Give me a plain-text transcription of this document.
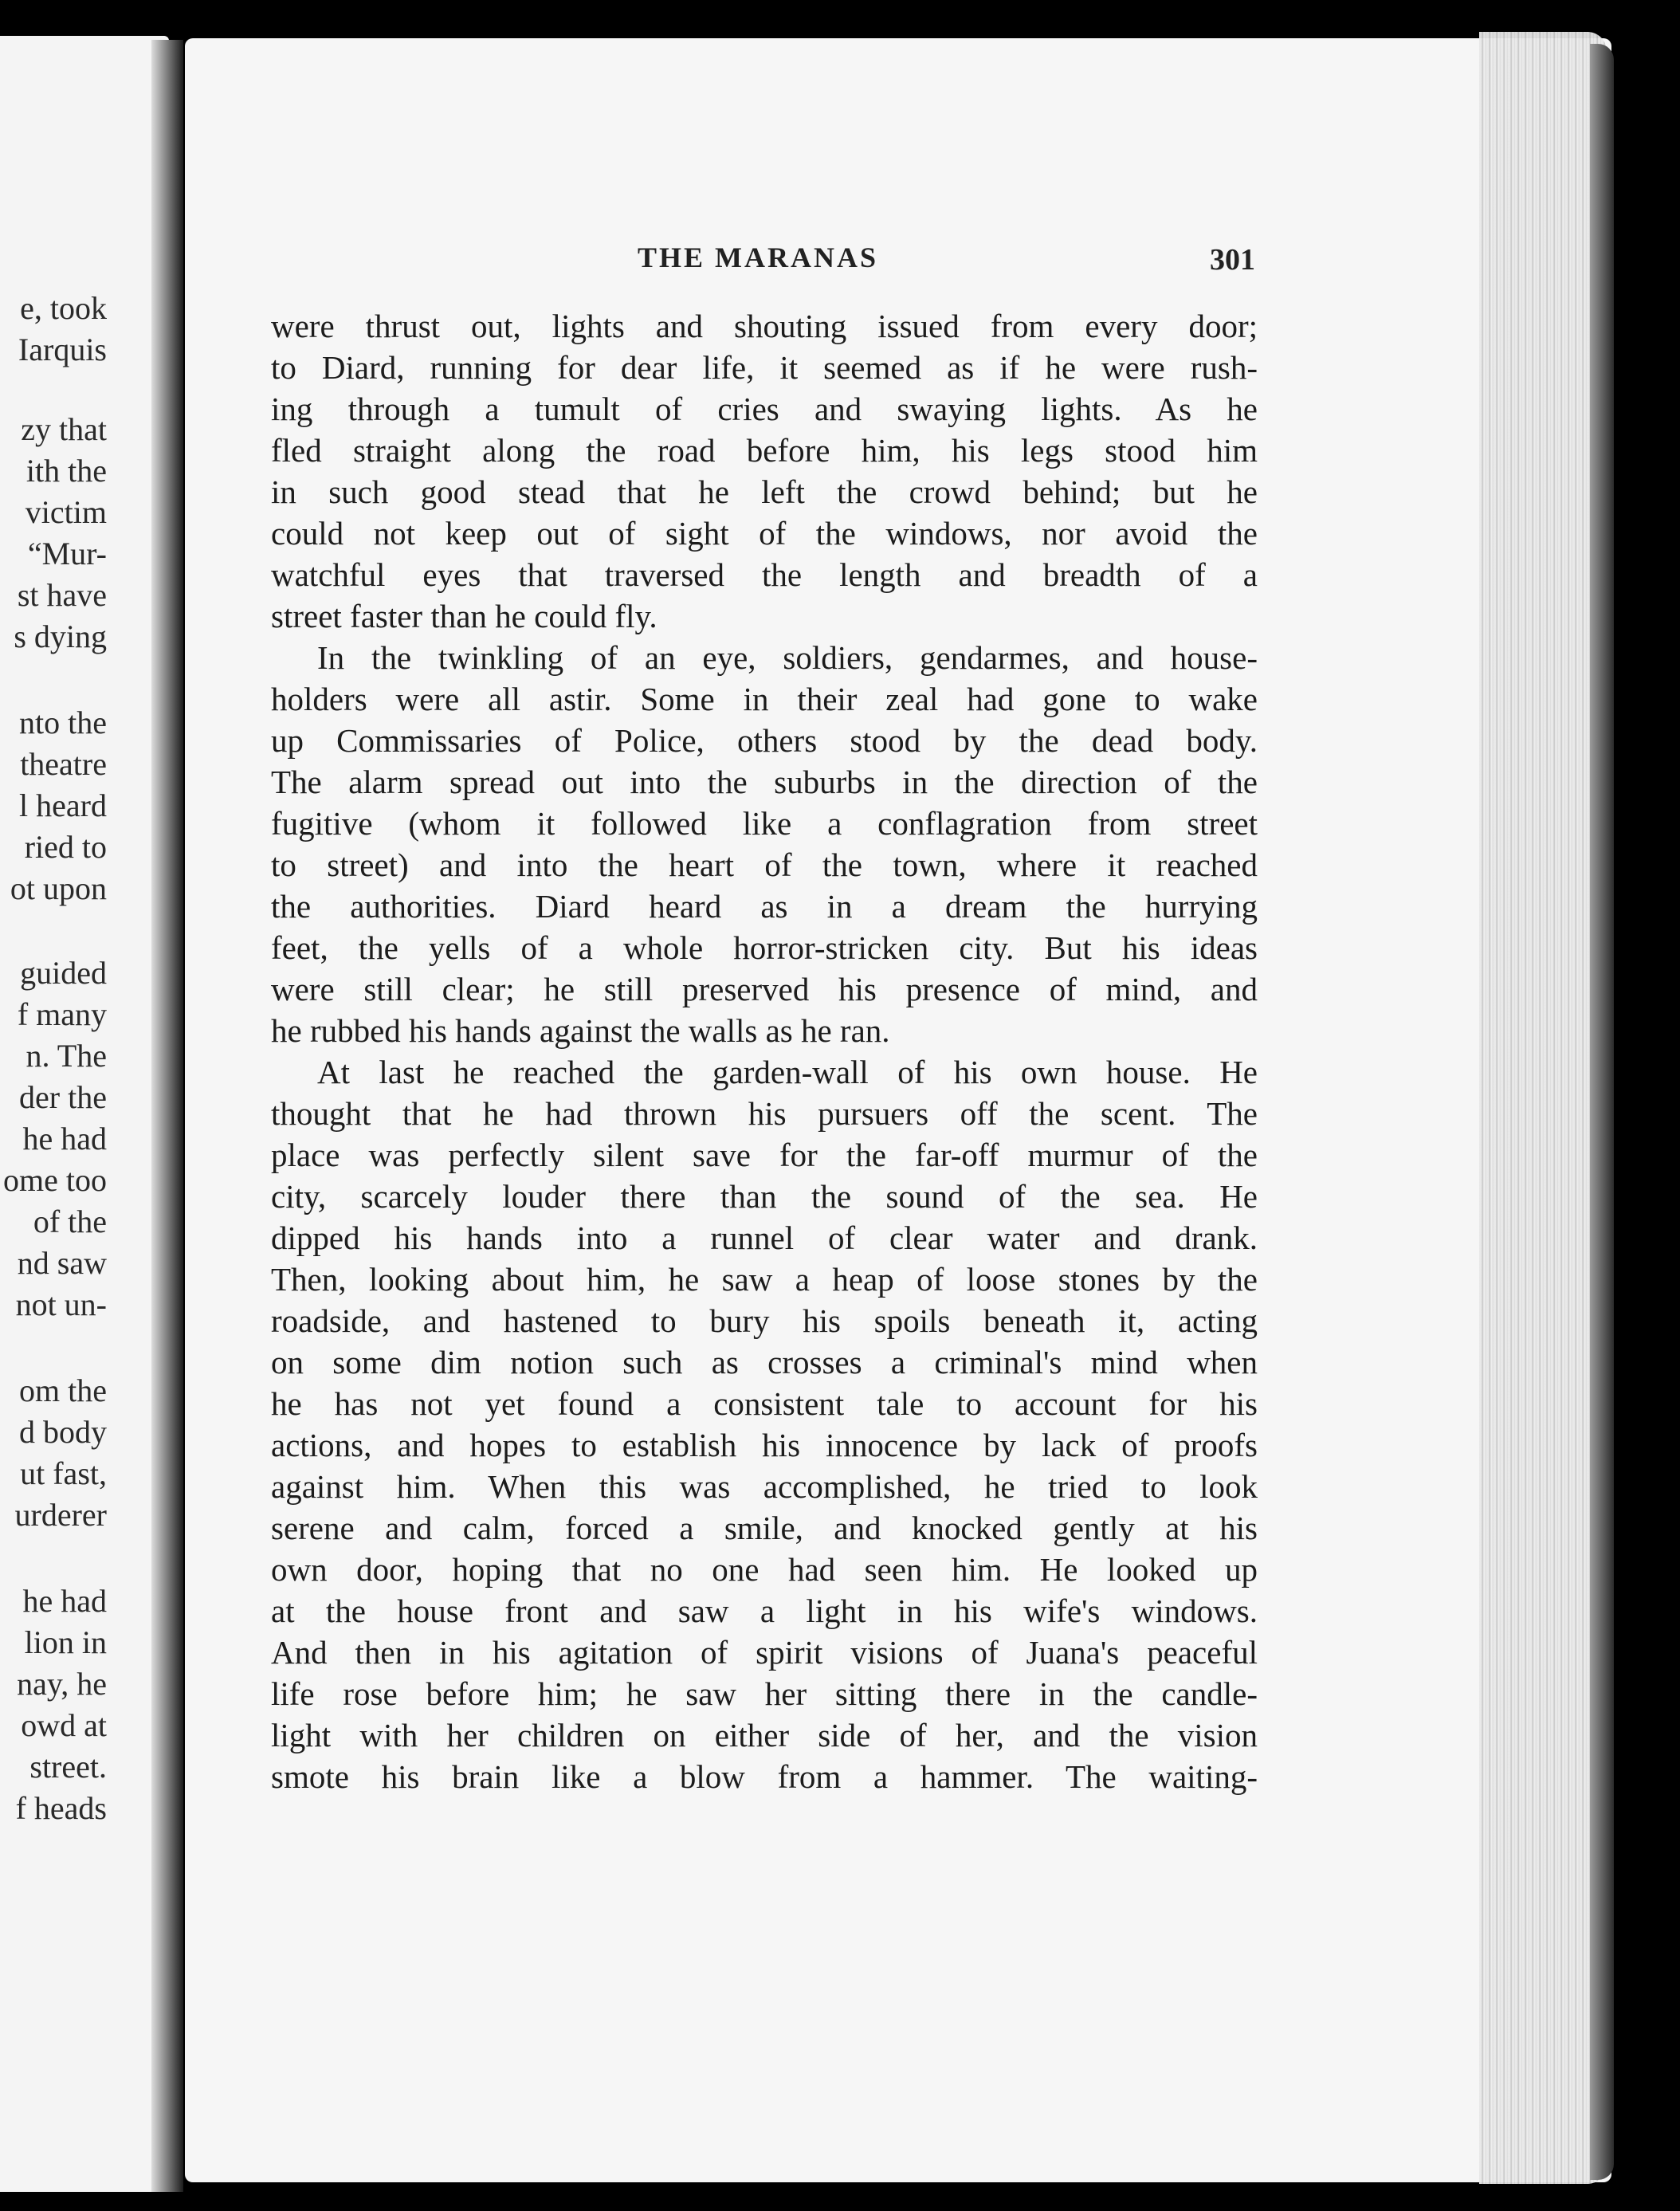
e, took
Iarquis
zy that
ith the
victim
“Mur-
st have
s dying
nto the
theatre
l heard
ried to
ot upon
guided
f many
n. The
der the
he had
ome too
of the
nd saw
not un-
om the
d body
ut fast,
urderer
he had
lion in
nay, he
owd at
street.
f heads
THE MARANAS	301
were thrust out, lights and shouting issued from every door;
to Diard, running for dear life, it seemed as if he were rush-
ing through a tumult of cries and swaying lights. As he
fled straight along the road before him, his legs stood him
in such good stead that he left the crowd behind; but he
could not keep out of sight of the windows, nor avoid the
watchful eyes that traversed the length and breadth of a
street faster than he could fly.
In the twinkling of an eye, soldiers, gendarmes, and house-
holders were all astir. Some in their zeal had gone to wake
up Commissaries of Police, others stood by the dead body.
The alarm spread out into the suburbs in the direction of the
fugitive (whom it followed like a conflagration from street
to street) and into the heart of the town, where it reached
the authorities. Diard heard as in a dream the hurrying
feet, the yells of a whole horror-stricken city. But his ideas
were still clear; he still preserved his presence of mind, and
he rubbed his hands against the walls as he ran.
At last he reached the garden-wall of his own house. He
thought that he had thrown his pursuers off the scent. The
place was perfectly silent save for the far-off murmur of the
city, scarcely louder there than the sound of the sea. He
dipped his hands into a runnel of clear water and drank.
Then, looking about him, he saw a heap of loose stones by the
roadside, and hastened to bury his spoils beneath it, acting
on some dim notion such as crosses a criminal's mind when
he has not yet found a consistent tale to account for his
actions, and hopes to establish his innocence by lack of proofs
against him. When this was accomplished, he tried to look
serene and calm, forced a smile, and knocked gently at his
own door, hoping that no one had seen him. He looked up
at the house front and saw a light in his wife's windows.
And then in his agitation of spirit visions of Juana's peaceful
life rose before him; he saw her sitting there in the candle-
light with her children on either side of her, and the vision
smote his brain like a blow from a hammer. The waiting-
